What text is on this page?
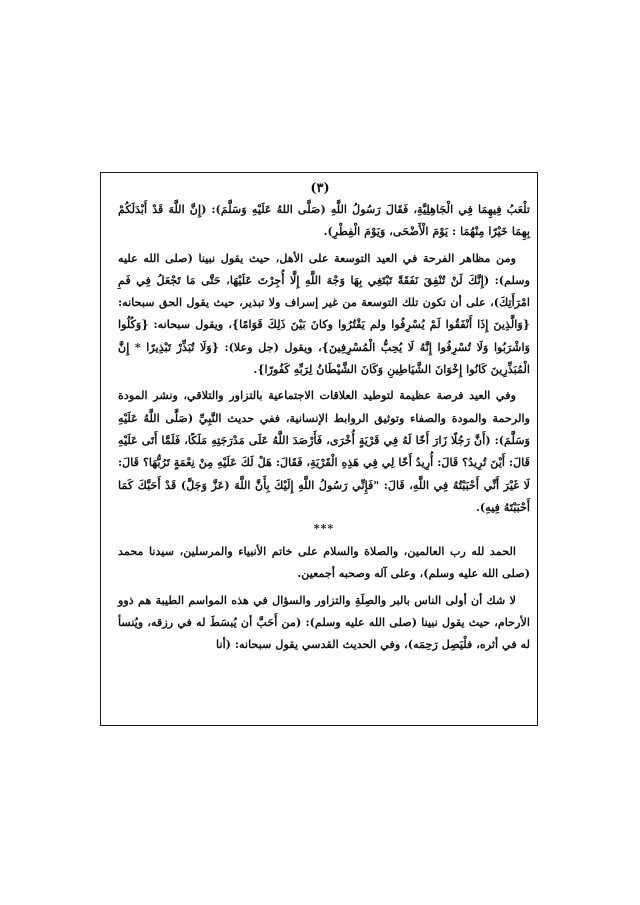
(٣)

تلْعَبُ فِيهِمَا فِي الْجَاهِلِيَّةِ، فَقَالَ رَسُولُ اللَّهِ (صَلَّى اللهُ عَلَيْهِ وَسَلَّمَ): (إِنَّ اللَّهَ قَدْ أَبْدَلَكُمْ بِهِمَا خَيْرًا مِنْهُمَا : يَوْمَ الْأَضْحَى، وَيَوْمَ الْفِطْرِ).

ومن مظاهر الفرحة في العيد التوسعة على الأهل، حيث يقول نبينا (صلى الله عليه وسلم): (إِنَّكَ لَنْ تُنْفِقَ نَفَقَةً تَبْتَغِي بِهَا وَجْهَ اللَّهِ إِلَّا أُجِرْتَ عَلَيْهَا، حَتَّى مَا تَجْعَلُ فِي فَمِ امْرَأَتِكَ)، على أن تكون تلك التوسعة من غير إسراف ولا تبذير، حيث يقول الحق سبحانه: {وَالَّذِينَ إِذَا أَنْفَقُوا لَمْ يُسْرِفُوا ولم يَقْتُرُوا وكانَ بَيْنَ ذَلِكَ قَوَامًا}، ويقول سبحانه: {وَكُلُوا وَاشْرَبُوا وَلَا تُسْرِفُوا إِنَّهُ لَا يُحِبُّ الْمُسْرِفِينَ}، ويقول (جل وعلا): {وَلَا تُبَذِّرْ تَبْذِيرًا * إِنَّ الْمُبَذِّرِينَ كَانُوا إِخْوَانَ الشَّيَاطِينِ وَكَانَ الشَّيْطَانُ لِرَبِّهِ كَفُورًا}.

وفي العيد فرصة عظيمة لتوطيد العلاقات الاجتماعية بالتزاور والتلاقي، ونشر المودة والرحمة والمودة والصفاء وتوثيق الروابط الإنسانية، ففي حديث النَّبِيِّ (صَلَّى اللَّهُ عَلَيْهِ وَسَلَّمَ): (أَنَّ رَجُلًا زَارَ أَخًا لَهُ فِي قَرْيَةٍ أُخْرَى، فَأَرْصَدَ اللَّهُ عَلَى مَدْرَجَتِهِ مَلَكًا، فَلَمَّا أَتَى عَلَيْهِ قَالَ: أَيْنَ تُرِيدُ؟ قَالَ: أُرِيدُ أَخًا لِي فِي هَذِهِ الْقَرْيَةِ، فَقَالَ: هَلْ لَكَ عَلَيْهِ مِنْ نِعْمَةٍ تَرُبُّهَا؟ قَالَ: لَا غَيْرَ أَنِّي أَحْبَبْتُهُ فِي اللَّهِ، قَالَ: "فَإِنِّي رَسُولُ اللَّهِ إِلَيْكَ بِأَنَّ اللَّهَ (عَزَّ وَجَلَّ) قَدْ أَحَبَّكَ كَمَا أَحْبَبْتَهُ فِيهِ).

***

الحمد لله رب العالمين، والصلاة والسلام على خاتم الأنبياء والمرسلين، سيدنا محمد (صلى الله عليه وسلم)، وعلى آله وصحبه أجمعين.

لا شك أن أولى الناس بالبر والصِلَةِ والتزاور والسؤال في هذه المواسم الطيبة هم ذوو الأرحام، حيث يقول نبينا (صلى الله عليه وسلم): (من أَحَبَّ أن يُبسَطَ له في رزقه، ويُنسأ له في أثره، فلْيَصِل رَحِمَه)، وفي الحديث القدسي يقول سبحانه: (أنا
